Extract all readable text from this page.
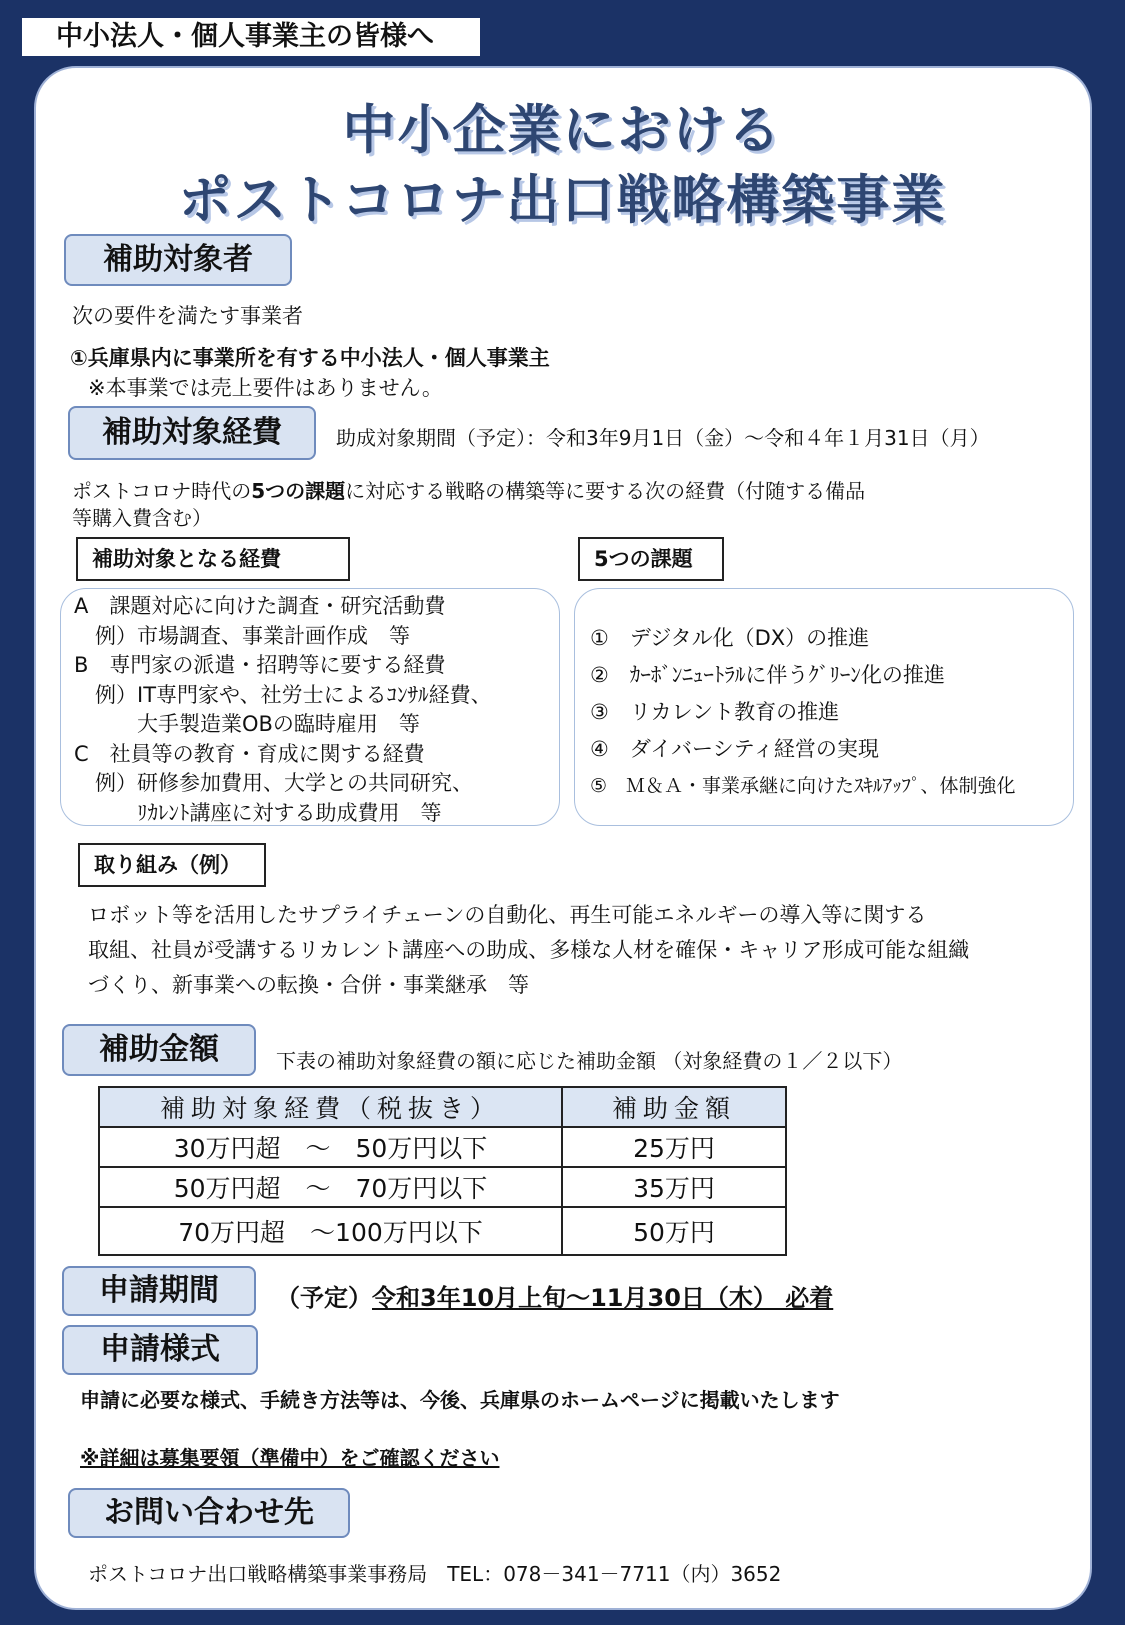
中小法人・個人事業主の皆様へ
中小企業における
ポストコロナ出口戦略構築事業
補助対象者
次の要件を満たす事業者
①兵庫県内に事業所を有する中小法人・個人事業主
※本事業では売上要件はありません。
補助対象経費	助成対象期間（予定）：令和3年9月1日（金）～令和４年１月31日（月）
ポストコロナ時代の5つの課題に対応する戦略の構築等に要する次の経費（付随する備品
等購入費含む）
補助対象となる経費	5つの課題
A　課題対応に向けた調査・研究活動費
　例）市場調査、事業計画作成　等
B　専門家の派遣・招聘等に要する経費
　例）IT専門家や、社労士によるｺﾝｻﾙ経費、
　　　大手製造業OBの臨時雇用　等
C　社員等の教育・育成に関する経費
　例）研修参加費用、大学との共同研究、
　　　ﾘｶﾚﾝﾄ講座に対する助成費用　等
①　デジタル化（DX）の推進
②　ｶｰﾎﾞﾝﾆｭｰﾄﾗﾙに伴うｸﾞﾘｰﾝ化の推進
③　リカレント教育の推進
④　ダイバーシティ経営の実現
⑤　Ｍ＆Ａ・事業承継に向けたｽｷﾙｱｯﾌﾟ、体制強化
取り組み（例）
ロボット等を活用したサプライチェーンの自動化、再生可能エネルギーの導入等に関する
取組、社員が受講するリカレント講座への助成、多様な人材を確保・キャリア形成可能な組織
づくり、新事業への転換・合併・事業継承　等
補助金額	下表の補助対象経費の額に応じた補助金額 （対象経費の１／２以下）
補助対象経費（税抜き）	補助金額
30万円超　～　50万円以下	25万円
50万円超　～　70万円以下	35万円
70万円超　～100万円以下	50万円
申請期間	（予定）令和3年10月上旬～11月30日（木） 必着
申請様式
申請に必要な様式、手続き方法等は、今後、兵庫県のホームページに掲載いたします
※詳細は募集要領（準備中）をご確認ください
お問い合わせ先
ポストコロナ出口戦略構築事業事務局　TEL：078－341－7711（内）3652
